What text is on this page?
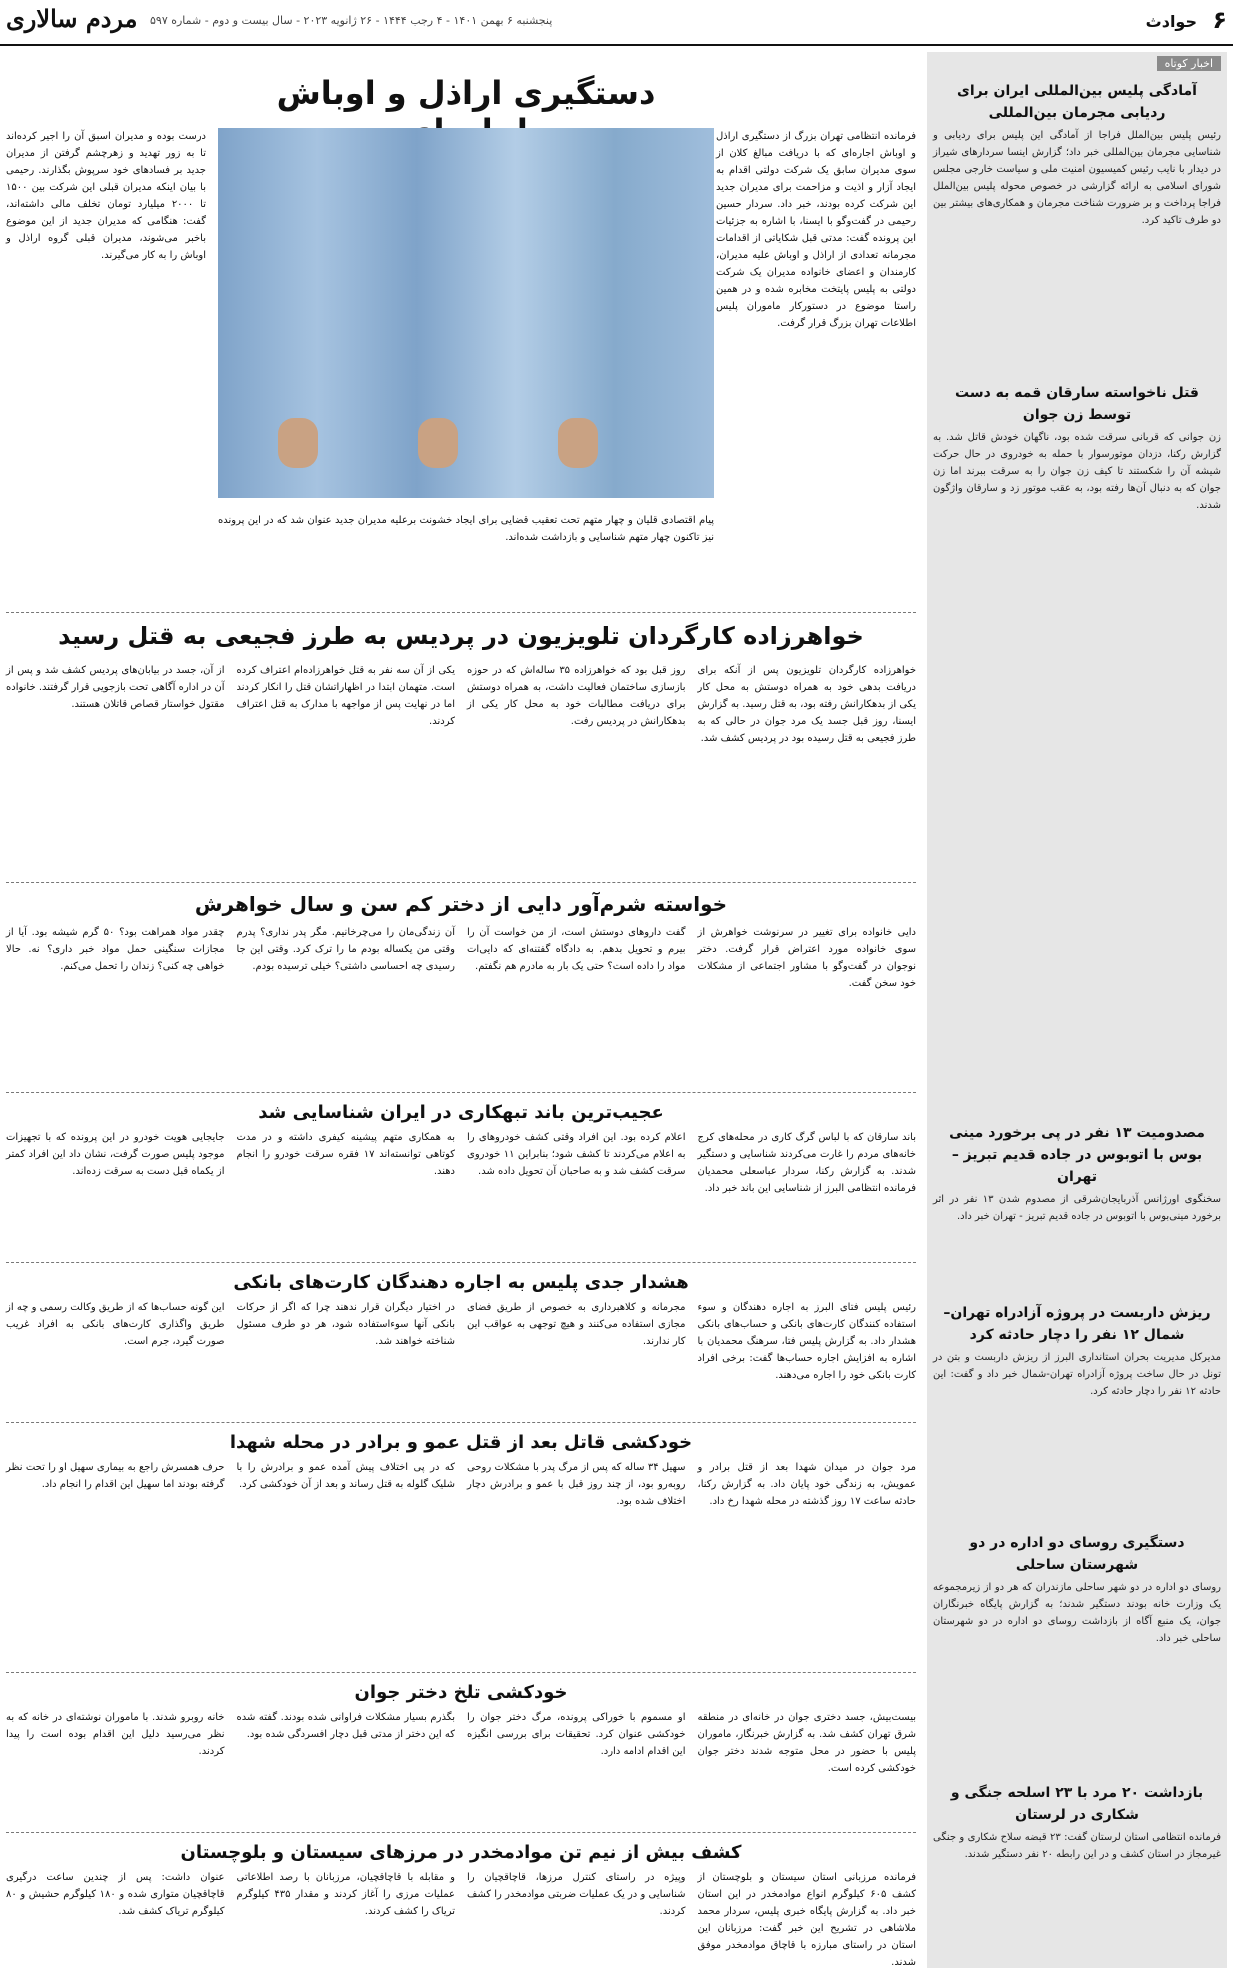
۶
حوادث
پنجشنبه ۶ بهمن ۱۴۰۱ - ۴ رجب ۱۴۴۴ - ۲۶ ژانویه ۲۰۲۳ - سال بیست و دوم - شماره ۵۹۷
مردم سالاری
اخبار کوتاه
آمادگی پلیس بین‌المللی ایران برای ردیابی مجرمان بین‌المللی

رئیس پلیس بین‌الملل فراجا از آمادگی این پلیس برای ردیابی و شناسایی مجرمان بین‌المللی خبر داد؛ گزارش اینسا سردارهای شیراز در دیدار با نایب رئیس کمیسیون امنیت ملی و سیاست خارجی مجلس شورای اسلامی به ارائه گزارشی در خصوص محوله پلیس بین‌الملل فراجا پرداخت و بر ضرورت شناخت مجرمان و همکاری‌های بیشتر بین دو طرف تاکید کرد.

قتل ناخواسته سارقان قمه به دست توسط زن جوان

زن جوانی که قربانی سرقت شده بود، ناگهان خودش قاتل شد. به گزارش رکنا، دزدان موتورسوار با حمله به خودروی در حال حرکت شیشه آن را شکستند تا کیف زن جوان را به سرقت ببرند اما زن جوان که به دنبال آن‌ها رفته بود، به عقب موتور زد و سارقان واژگون شدند.

مصدومیت ۱۳ نفر در پی برخورد مینی بوس با اتوبوس در جاده قدیم تبریز – تهران

سخنگوی اورژانس آذربایجان‌شرقی از مصدوم شدن ۱۳ نفر در اثر برخورد مینی‌بوس با اتوبوس در جاده قدیم تبریز - تهران خبر داد.

ریزش داربست در پروژه آزادراه تهران–شمال ۱۲ نفر را دچار حادثه کرد

مدیرکل مدیریت بحران استانداری البرز از ریزش داربست و بتن در تونل در حال ساخت پروژه آزادراه تهران-شمال خبر داد و گفت: این حادثه ۱۲ نفر را دچار حادثه کرد.

دستگیری روسای دو اداره در دو شهرستان ساحلی

روسای دو اداره در دو شهر ساحلی مازندران که هر دو از زیرمجموعه یک وزارت خانه بودند دستگیر شدند؛ به گزارش پایگاه خبرنگاران جوان، یک منبع آگاه از بازداشت روسای دو اداره در دو شهرستان ساحلی خبر داد.

بازداشت ۲۰ مرد با ۲۳ اسلحه جنگی و شکاری در لرستان

فرمانده انتظامی استان لرستان گفت: ۲۳ قبضه سلاح شکاری و جنگی غیرمجاز در استان کشف و در این رابطه ۲۰ نفر دستگیر شدند.

دستگیری اراذل و اوباش

فرمانده انتظامی تهران بزرگ از دستگیری اراذل و اوباش اجاره‌ای که با دریافت مبالغ کلان از سوی مدیران سابق یک شرکت دولتی اقدام به ایجاد آزار و اذیت و مزاحمت برای مدیران جدید این شرکت کرده بودند، خبر داد. سردار حسین رحیمی در گفت‌وگو با ایسنا، با اشاره به جزئیات این پرونده گفت: مدتی قبل شکایاتی از اقدامات مجرمانه تعدادی از اراذل و اوباش علیه مدیران، کارمندان و اعضای خانواده مدیران یک شرکت دولتی به پلیس پایتخت مخابره شده و در همین راستا موضوع در دستورکار ماموران پلیس اطلاعات تهران بزرگ قرار گرفت.

پیام اقتصادی قلیان و چهار متهم تحت تعقیب قضایی برای ایجاد خشونت برعلیه مدیران جدید عنوان شد که در این پرونده نیز تاکنون چهار متهم شناسایی و بازداشت شده‌اند.

درست بوده و مدیران اسبق آن را اجیر کرده‌اند تا به زور تهدید و زهرچشم گرفتن از مدیران جدید بر فسادهای خود سرپوش بگذارند. رحیمی با بیان اینکه مدیران قبلی این شرکت بین ۱۵۰۰ تا ۲۰۰۰ میلیارد تومان تخلف مالی داشته‌اند، گفت: هنگامی که مدیران جدید از این موضوع باخبر می‌شوند، مدیران قبلی گروه اراذل و اوباش را به کار می‌گیرند.

خواهرزاده کارگردان تلویزیون در پردیس به طرز فجیعی به قتل رسید

خواهرزاده کارگردان تلویزیون پس از آنکه برای دریافت بدهی خود به همراه دوستش به محل کار یکی از بدهکارانش رفته بود، به قتل رسید. به گزارش ایسنا، روز قبل جسد یک مرد جوان در حالی که به طرز فجیعی به قتل رسیده بود در پردیس کشف شد.

روز قبل بود که خواهرزاده ۳۵ ساله‌اش که در حوزه بازسازی ساختمان فعالیت داشت، به همراه دوستش برای دریافت مطالبات خود به محل کار یکی از بدهکارانش در پردیس رفت.

یکی از آن سه نفر به قتل خواهرزاده‌ام اعتراف کرده است. متهمان ابتدا در اظهاراتشان قتل را انکار کردند اما در نهایت پس از مواجهه با مدارک به قتل اعتراف کردند.

از آن، جسد در بیابان‌های پردیس کشف شد و پس از آن در اداره آگاهی تحت بازجویی قرار گرفتند. خانواده مقتول خواستار قصاص قاتلان هستند.

خواسته شرم‌آور دایی از دختر کم سن و سال خواهرش

دایی خانواده برای تغییر در سرنوشت خواهرش از سوی خانواده مورد اعتراض قرار گرفت. دختر نوجوان در گفت‌وگو با مشاور اجتماعی از مشکلات خود سخن گفت.

گفت داروهای دوستش است، از من خواست آن را بیرم و تحویل بدهم. به دادگاه گفتنه‌ای که دایی‌ات مواد را داده است؟ حتی یک بار به مادرم هم نگفتم.

آن زندگی‌مان را می‌چرخانیم. مگر پدر نداری؟ پدرم وقتی من یکساله بودم ما را ترک کرد. وقتی این جا رسیدی چه احساسی داشتی؟ خیلی ترسیده بودم.

چقدر مواد همراهت بود؟ ۵۰ گرم شیشه بود. آیا از مجازات سنگینی حمل مواد خبر داری؟ نه. حالا خواهی چه کنی؟ زندان را تحمل می‌کنم.

عجیب‌ترین باند تبهکاری در ایران شناسایی شد

باند سارقان که با لباس گرگ کاری در محله‌های کرج خانه‌های مردم را غارت می‌کردند شناسایی و دستگیر شدند. به گزارش رکنا، سردار عباسعلی محمدیان فرمانده انتظامی البرز از شناسایی این باند خبر داد.

اعلام کرده بود. این افراد وقتی کشف خودروهای را به اعلام می‌کردند تا کشف شود؛ بنابراین ۱۱ خودروی سرقت کشف شد و به صاحبان آن تحویل داده شد.

به همکاری متهم پیشینه کیفری داشته و در مدت کوتاهی توانسته‌اند ۱۷ فقره سرقت خودرو را انجام دهند.

جایجایی هویت خودرو در این پرونده که با تجهیزات موجود پلیس صورت گرفت، نشان داد این افراد کمتر از یکماه قبل دست به سرقت زده‌اند.

هشدار جدی پلیس به اجاره دهندگان کارت‌های بانکی

رئیس پلیس فتای البرز به اجاره دهندگان و سوء استفاده کنندگان کارت‌های بانکی و حساب‌های بانکی هشدار داد. به گزارش پلیس فتا، سرهنگ محمدیان با اشاره به افزایش اجاره حساب‌ها گفت: برخی افراد کارت بانکی خود را اجاره می‌دهند.

مجرمانه و کلاهبرداری به خصوص از طریق فضای مجازی استفاده می‌کنند و هیچ توجهی به عواقب این کار ندارند.

در اختیار دیگران قرار ندهند چرا که اگر از حرکات بانکی آنها سوءاستفاده شود، هر دو طرف مسئول شناخته خواهند شد.

این گونه حساب‌ها که از طریق وکالت رسمی و چه از طریق واگذاری کارت‌های بانکی به افراد غریب صورت گیرد، جرم است.

خودکشی قاتل بعد از قتل عمو و برادر در محله شهدا

مرد جوان در میدان شهدا بعد از قتل برادر و عمویش، به زندگی خود پایان داد. به گزارش رکنا، حادثه ساعت ۱۷ روز گذشته در محله شهدا رخ داد.

سهیل ۳۴ ساله که پس از مرگ پدر با مشکلات روحی روبه‌رو بود، از چند روز قبل با عمو و برادرش دچار اختلاف شده بود.

که در پی اختلاف پیش آمده عمو و برادرش را با شلیک گلوله به قتل رساند و بعد از آن خودکشی کرد.

حرف همسرش راجع به بیماری سهیل او را تحت نظر گرفته بودند اما سهیل این اقدام را انجام داد.

خودکشی تلخ دختر جوان

بیست‌بیش، جسد دختری جوان در خانه‌ای در منطقه شرق تهران کشف شد. به گزارش خبرنگار، ماموران پلیس با حضور در محل متوجه شدند دختر جوان خودکشی کرده است.

او مسموم با خوراکی پرونده، مرگ دختر جوان را خودکشی عنوان کرد. تحقیقات برای بررسی انگیزه این اقدام ادامه دارد.

بگذرم بسیار مشکلات فراوانی شده بودند. گفته شده که این دختر از مدتی قبل دچار افسردگی شده بود.

خانه روبرو شدند. با ماموران نوشته‌ای در خانه که به نظر می‌رسید دلیل این اقدام بوده است را پیدا کردند.

کشف بیش از نیم تن موادمخدر در مرزهای سیستان و بلوچستان

فرمانده مرزبانی استان سیستان و بلوچستان از کشف ۶۰۵ کیلوگرم انواع موادمخدر در این استان خبر داد. به گزارش پایگاه خبری پلیس، سردار محمد ملاشاهی در تشریح این خبر گفت: مرزبانان این استان در راستای مبارزه با قاچاق موادمخدر موفق شدند.

وپیژه در راستای کنترل مرزها، قاچاقچیان را شناسایی و در یک عملیات ضربتی موادمخدر را کشف کردند.

و مقابله با قاچاقچیان، مرزبانان با رصد اطلاعاتی عملیات مرزی را آغاز کردند و مقدار ۴۳۵ کیلوگرم تریاک را کشف کردند.

عنوان داشت: پس از چندین ساعت درگیری قاچاقچیان متواری شده و ۱۸۰ کیلوگرم حشیش و ۸۰ کیلوگرم تریاک کشف شد.
